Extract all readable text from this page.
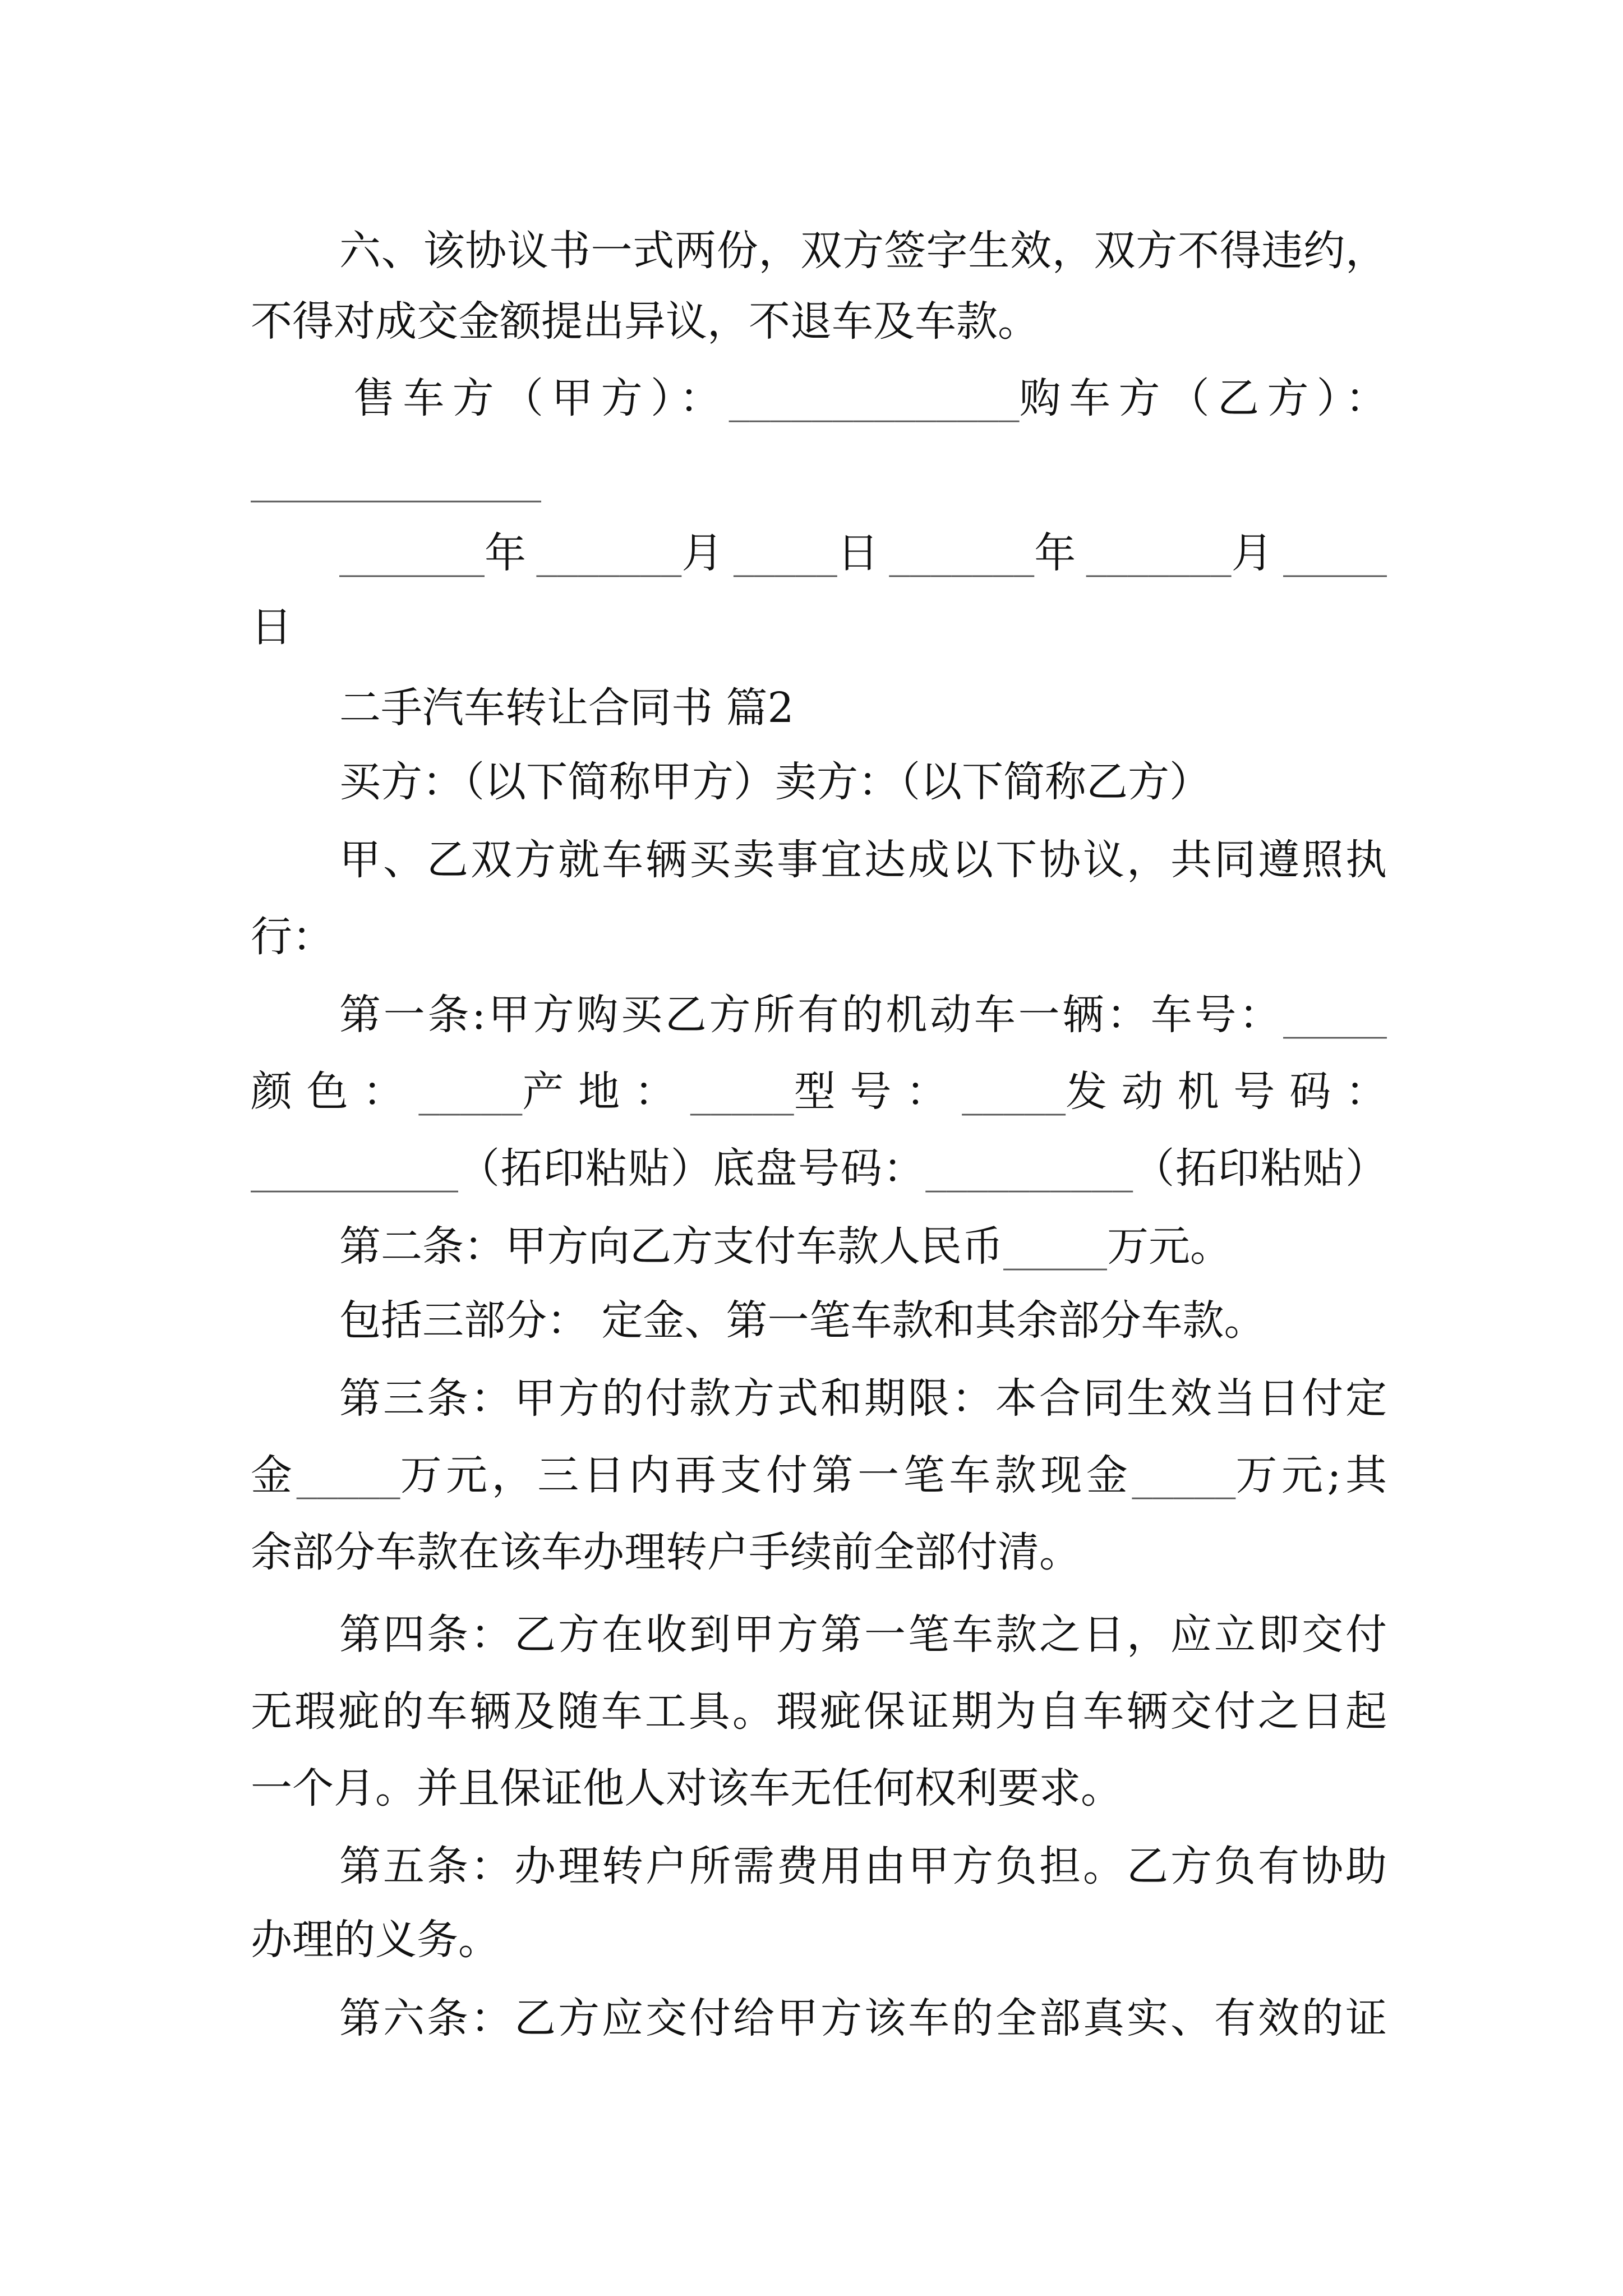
六、该协议书一式两份，双方签字生效，双方不得违约，
不得对成交金额提出异议，不退车及车款。
售车方（甲方）：______________购车方（乙方）：
______________
_______年_______月_____日_______年_______月_____
日
二手汽车转让合同书 篇2
买方：（以下简称甲方）卖方：（以下简称乙方）
甲、乙双方就车辆买卖事宜达成以下协议，共同遵照执
行：
第一条:甲方购买乙方所有的机动车一辆：车号：_____
颜色：_____产地：_____型号：_____发动机号码：
__________（拓印粘贴）底盘号码：__________（拓印粘贴）
第二条：甲方向乙方支付车款人民币_____万元。
包括三部分： 定金、第一笔车款和其余部分车款。
第三条：甲方的付款方式和期限：本合同生效当日付定
金_____万元，三日内再支付第一笔车款现金_____万元;其
余部分车款在该车办理转户手续前全部付清。
第四条：乙方在收到甲方第一笔车款之日，应立即交付
无瑕疵的车辆及随车工具。瑕疵保证期为自车辆交付之日起
一个月。并且保证他人对该车无任何权利要求。
第五条：办理转户所需费用由甲方负担。乙方负有协助
办理的义务。
第六条：乙方应交付给甲方该车的全部真实、有效的证
